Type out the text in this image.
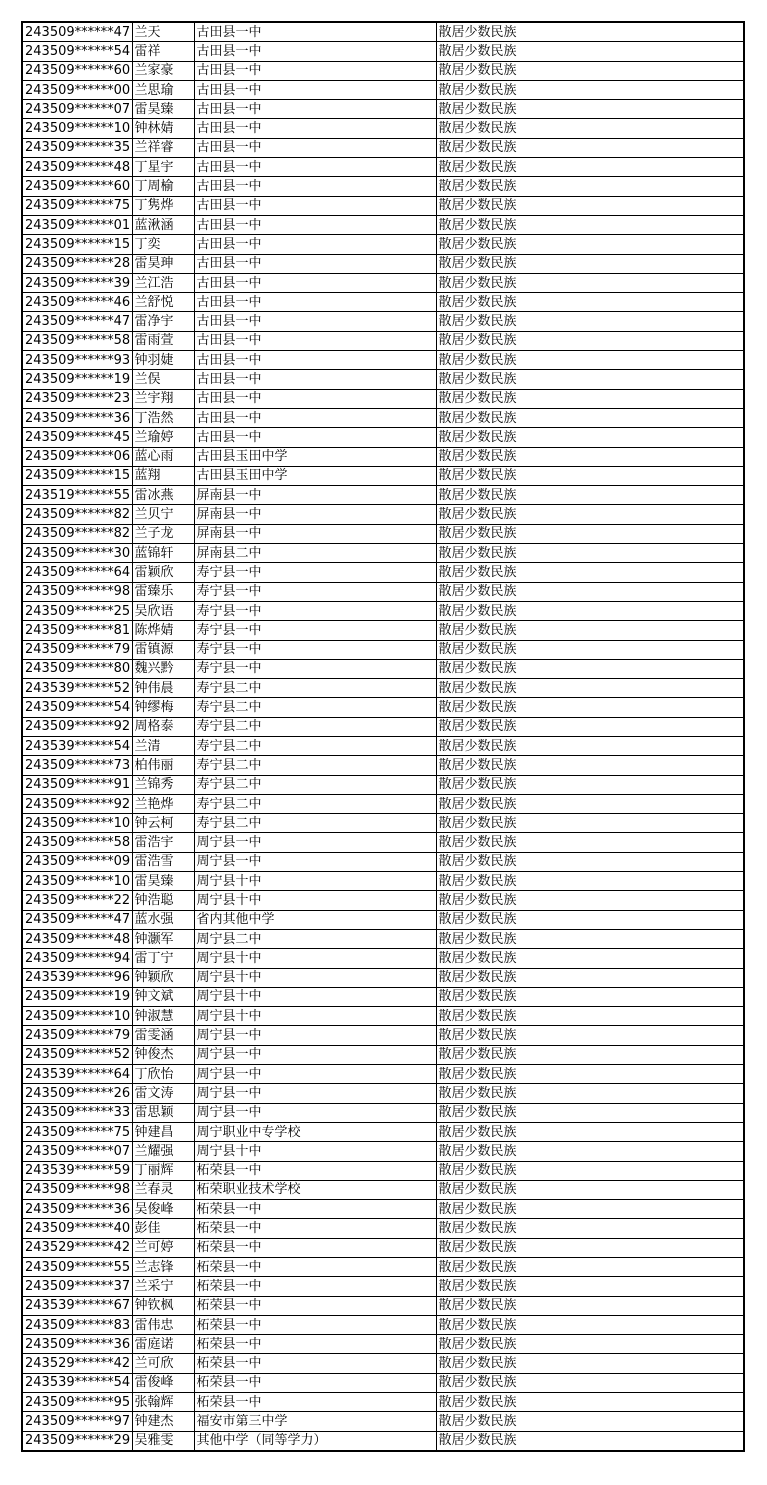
243509******47	兰天	古田县一中	散居少数民族
243509******54	雷祥	古田县一中	散居少数民族
243509******60	兰家豪	古田县一中	散居少数民族
243509******00	兰思瑜	古田县一中	散居少数民族
243509******07	雷昊臻	古田县一中	散居少数民族
243509******10	钟林婧	古田县一中	散居少数民族
243509******35	兰祥睿	古田县一中	散居少数民族
243509******48	丁星宇	古田县一中	散居少数民族
243509******60	丁周榆	古田县一中	散居少数民族
243509******75	丁隽烨	古田县一中	散居少数民族
243509******01	蓝湫涵	古田县一中	散居少数民族
243509******15	丁奕	古田县一中	散居少数民族
243509******28	雷昊珅	古田县一中	散居少数民族
243509******39	兰江浩	古田县一中	散居少数民族
243509******46	兰舒悦	古田县一中	散居少数民族
243509******47	雷净宇	古田县一中	散居少数民族
243509******58	雷雨萱	古田县一中	散居少数民族
243509******93	钟羽婕	古田县一中	散居少数民族
243509******19	兰俣	古田县一中	散居少数民族
243509******23	兰宇翔	古田县一中	散居少数民族
243509******36	丁浩然	古田县一中	散居少数民族
243509******45	兰瑜婷	古田县一中	散居少数民族
243509******06	蓝心雨	古田县玉田中学	散居少数民族
243509******15	蓝翔	古田县玉田中学	散居少数民族
243519******55	雷冰燕	屏南县一中	散居少数民族
243509******82	兰贝宁	屏南县一中	散居少数民族
243509******82	兰子龙	屏南县一中	散居少数民族
243509******30	蓝锦轩	屏南县二中	散居少数民族
243509******64	雷颖欣	寿宁县一中	散居少数民族
243509******98	雷臻乐	寿宁县一中	散居少数民族
243509******25	吴欣语	寿宁县一中	散居少数民族
243509******81	陈烨婧	寿宁县一中	散居少数民族
243509******79	雷镇源	寿宁县一中	散居少数民族
243509******80	魏兴黔	寿宁县一中	散居少数民族
243539******52	钟伟晨	寿宁县二中	散居少数民族
243509******54	钟缪梅	寿宁县二中	散居少数民族
243509******92	周格泰	寿宁县二中	散居少数民族
243539******54	兰清	寿宁县二中	散居少数民族
243509******73	柏伟丽	寿宁县二中	散居少数民族
243509******91	兰锦秀	寿宁县二中	散居少数民族
243509******92	兰艳烨	寿宁县二中	散居少数民族
243509******10	钟云柯	寿宁县二中	散居少数民族
243509******58	雷浩宇	周宁县一中	散居少数民族
243509******09	雷浩雪	周宁县一中	散居少数民族
243509******10	雷昊臻	周宁县十中	散居少数民族
243509******22	钟浩聪	周宁县十中	散居少数民族
243509******47	蓝水强	省内其他中学	散居少数民族
243509******48	钟灏军	周宁县二中	散居少数民族
243509******94	雷丁宁	周宁县十中	散居少数民族
243539******96	钟颖欣	周宁县十中	散居少数民族
243509******19	钟文斌	周宁县十中	散居少数民族
243509******10	钟淑慧	周宁县十中	散居少数民族
243509******79	雷雯涵	周宁县一中	散居少数民族
243509******52	钟俊杰	周宁县一中	散居少数民族
243539******64	丁欣怡	周宁县一中	散居少数民族
243509******26	雷文涛	周宁县一中	散居少数民族
243509******33	雷思颖	周宁县一中	散居少数民族
243509******75	钟建昌	周宁职业中专学校	散居少数民族
243509******07	兰耀强	周宁县十中	散居少数民族
243539******59	丁丽辉	柘荣县一中	散居少数民族
243509******98	兰春灵	柘荣职业技术学校	散居少数民族
243509******36	吴俊峰	柘荣县一中	散居少数民族
243509******40	彭佳	柘荣县一中	散居少数民族
243529******42	兰可婷	柘荣县一中	散居少数民族
243509******55	兰志锋	柘荣县一中	散居少数民族
243509******37	兰采宁	柘荣县一中	散居少数民族
243539******67	钟钦枫	柘荣县一中	散居少数民族
243509******83	雷伟忠	柘荣县一中	散居少数民族
243509******36	雷庭诺	柘荣县一中	散居少数民族
243529******42	兰可欣	柘荣县一中	散居少数民族
243539******54	雷俊峰	柘荣县一中	散居少数民族
243509******95	张翰辉	柘荣县一中	散居少数民族
243509******97	钟建杰	福安市第三中学	散居少数民族
243509******29	吴雅雯	其他中学（同等学力）	散居少数民族
